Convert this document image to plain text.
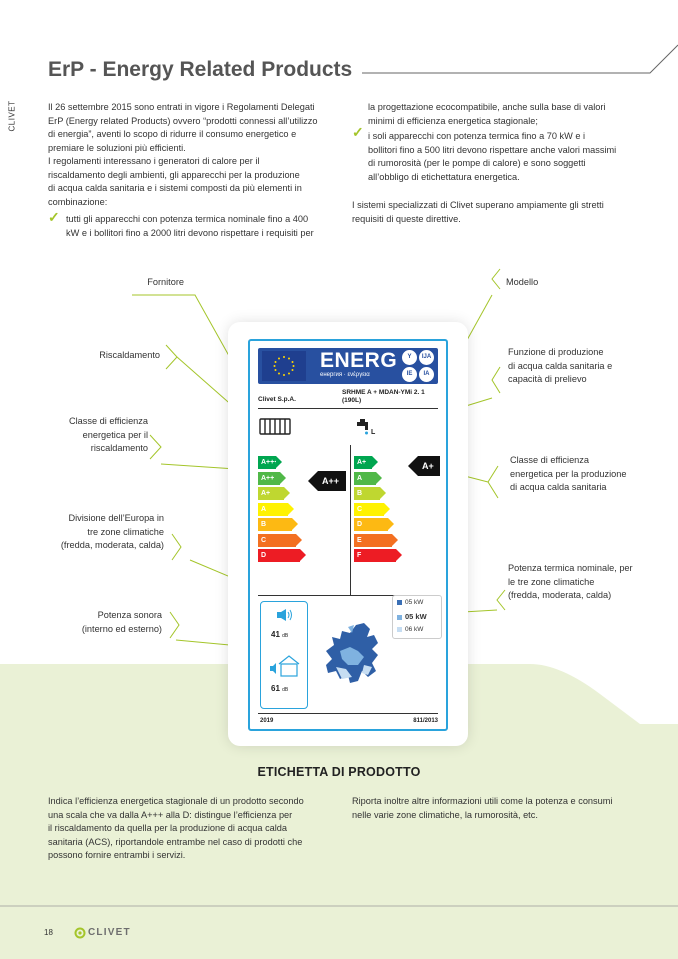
CLIVET
ErP - Energy Related Products

Il 26 settembre 2015 sono entrati in vigore i Regolamenti Delegati

ErP (Energy related Products) ovvero “prodotti connessi all’utilizzo

di energia”, aventi lo scopo di ridurre il consumo energetico e

premiare le soluzioni più efficienti.

I regolamenti interessano i generatori di calore per il

riscaldamento degli ambienti, gli apparecchi per la produzione

di acqua calda sanitaria e i sistemi composti da più elementi in

combinazione:

✓ tutti gli apparecchi con potenza termica nominale fino a 400

kW e i bollitori fino a 2000 litri devono rispettare i requisiti per

la progettazione ecocompatibile, anche sulla base di valori

minimi di efficienza energetica stagionale;

✓ i soli apparecchi con potenza termica fino a 70 kW e i

bollitori fino a 500 litri devono rispettare anche valori massimi

di rumorosità (per le pompe di calore) e sono soggetti

all’obbligo di etichettatura energetica.

I sistemi specializzati di Clivet superano ampiamente gli stretti

requisiti di queste direttive.

Fornitore	Modello
Riscaldamento	Funzione di produzione
di acqua calda sanitaria e
capacità di prelievo
Classe di efficienza
energetica per il
riscaldamento
Classe di efficienza
energetica per la produzione
di acqua calda sanitaria
Divisione dell’Europa in
tre zone climatiche
(fredda, moderata, calda)
Potenza termica nominale, per
le tre zone climatiche
(fredda, moderata, calda)
Potenza sonora
(interno ed esterno)
ENERG
енергия · ενέργεια
Y	IJA
IE	IA
Clivet S.p.A.
SRHME A + MDAN-YMi 2. 1
(190L)
L
A+++
A++
A+
A
B
C
D
A++
A+
A
B
C
D
E
F
A+
41 dB
61 dB
05 kW
05 kW
06 kW
2019	811/2013
ETICHETTA DI PRODOTTO

Indica l’efficienza energetica stagionale di un prodotto secondo

una scala che va dalla A+++ alla D: distingue l’efficienza per

il riscaldamento da quella per la produzione di acqua calda

sanitaria (ACS), riportandole entrambe nel caso di prodotti che

possono fornire entrambi i servizi.

Riporta inoltre altre informazioni utili come la potenza e consumi

nelle varie zone climatiche, la rumorosità, etc.

18	CLIVET
